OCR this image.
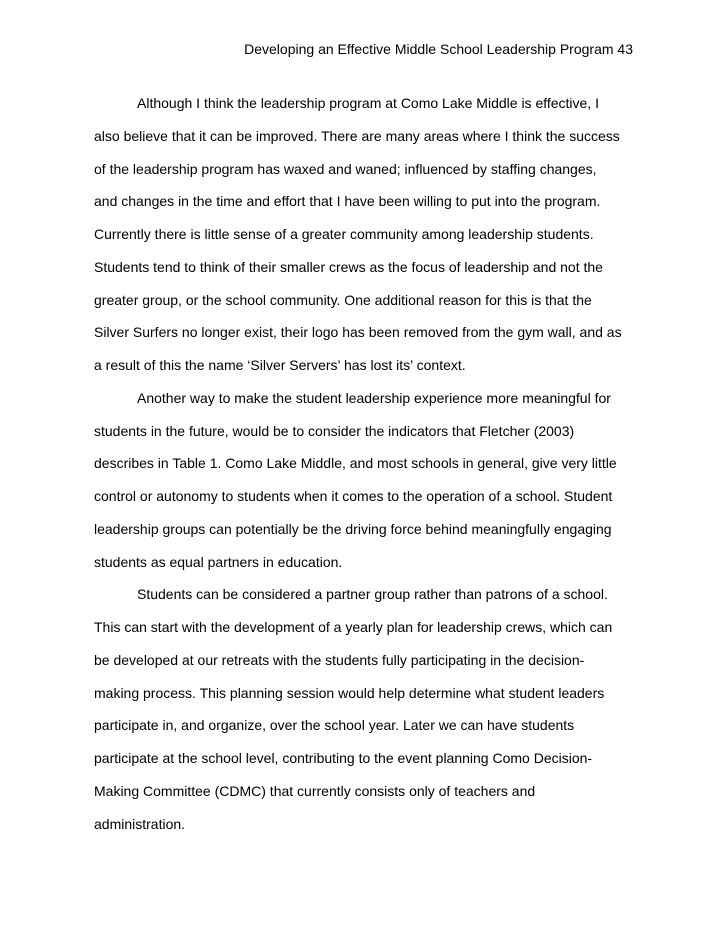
Developing an Effective Middle School Leadership Program 43
Although I think the leadership program at Como Lake Middle is effective, I
also believe that it can be improved. There are many areas where I think the success
of the leadership program has waxed and waned; influenced by staffing changes,
and changes in the time and effort that I have been willing to put into the program.
Currently there is little sense of a greater community among leadership students.
Students tend to think of their smaller crews as the focus of leadership and not the
greater group, or the school community. One additional reason for this is that the
Silver Surfers no longer exist, their logo has been removed from the gym wall, and as
a result of this the name ‘Silver Servers’ has lost its’ context.
Another way to make the student leadership experience more meaningful for
students in the future, would be to consider the indicators that Fletcher (2003)
describes in Table 1. Como Lake Middle, and most schools in general, give very little
control or autonomy to students when it comes to the operation of a school. Student
leadership groups can potentially be the driving force behind meaningfully engaging
students as equal partners in education.
Students can be considered a partner group rather than patrons of a school.
This can start with the development of a yearly plan for leadership crews, which can
be developed at our retreats with the students fully participating in the decision-
making process. This planning session would help determine what student leaders
participate in, and organize, over the school year. Later we can have students
participate at the school level, contributing to the event planning Como Decision-
Making Committee (CDMC) that currently consists only of teachers and
administration.
